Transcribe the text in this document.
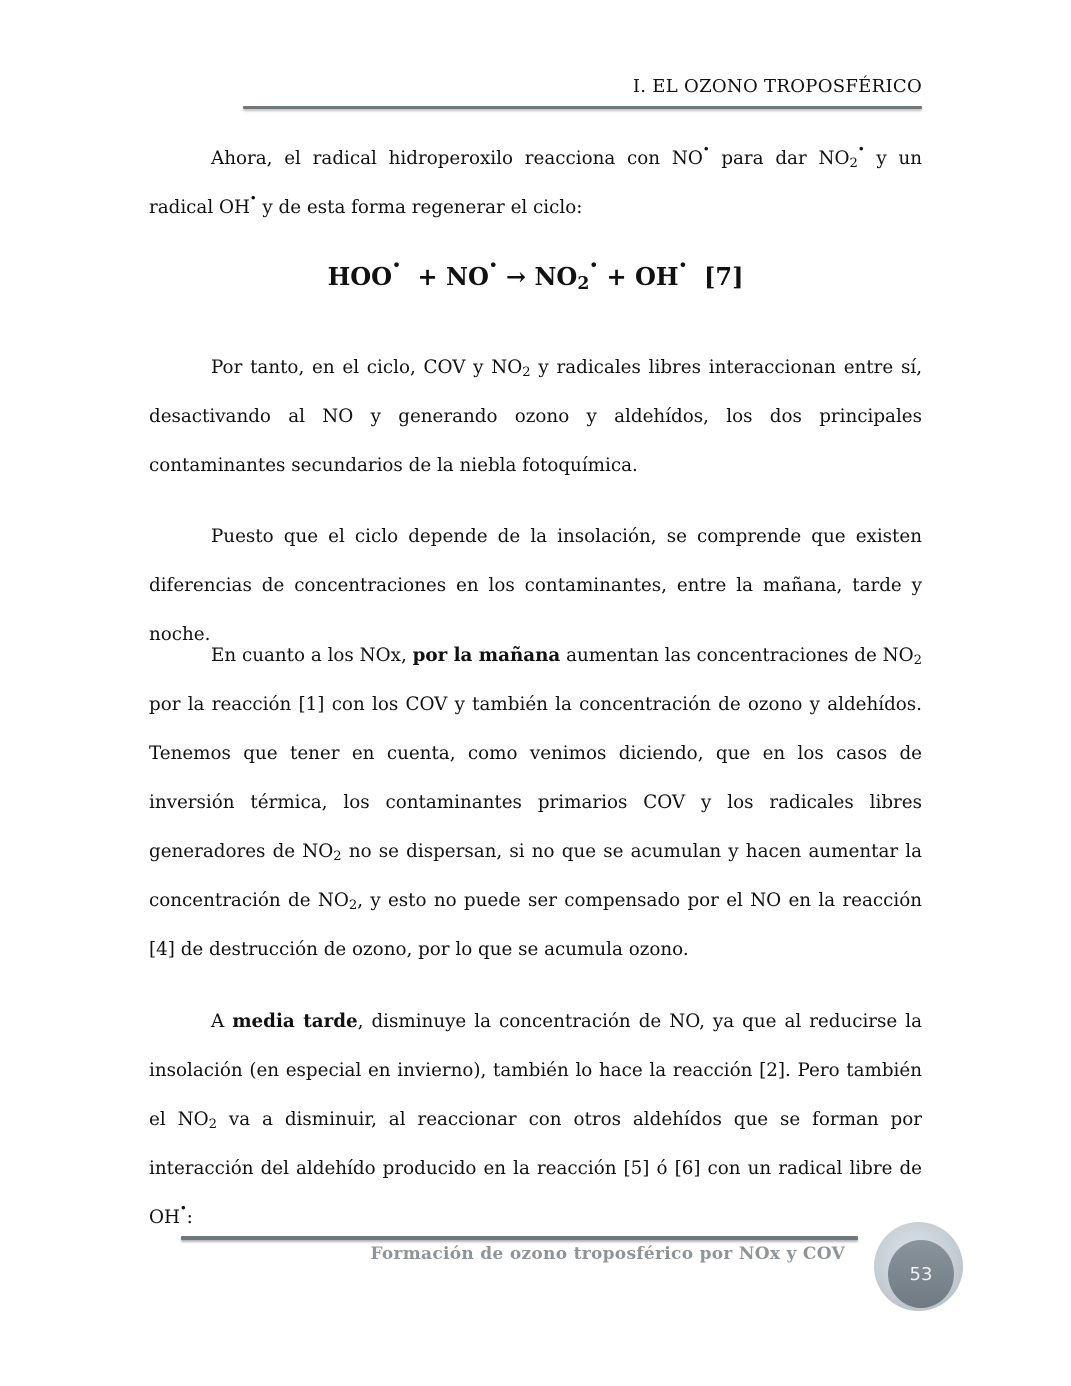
I. EL OZONO TROPOSFÉRICO

Ahora, el radical hidroperoxilo reacciona con NO· para dar $NO_2^\cdot$ y un radical OH· y de esta forma regenerar el ciclo:

$HOO^\cdot + NO^\cdot \to NO_2^\cdot + OH^\cdot$  [7]

Por tanto, en el ciclo, COV y $NO_2$ y radicales libres interaccionan entre sí, desactivando al NO y generando ozono y aldehídos, los dos principales contaminantes secundarios de la niebla fotoquímica.

Puesto que el ciclo depende de la insolación, se comprende que existen diferencias de concentraciones en los contaminantes, entre la mañana, tarde y noche.

En cuanto a los NOx, por la mañana aumentan las concentraciones de $NO_2$ por la reacción [1] con los COV y también la concentración de ozono y aldehídos. Tenemos que tener en cuenta, como venimos diciendo, que en los casos de inversión térmica, los contaminantes primarios COV y los radicales libres generadores de $NO_2$ no se dispersan, si no que se acumulan y hacen aumentar la concentración de $NO_2$, y esto no puede ser compensado por el NO en la reacción [4] de destrucción de ozono, por lo que se acumula ozono.

A media tarde, disminuye la concentración de NO, ya que al reducirse la insolación (en especial en invierno), también lo hace la reacción [2]. Pero también el $NO_2$ va a disminuir, al reaccionar con otros aldehídos que se forman por interacción del aldehído producido en la reacción [5] ó [6] con un radical libre de OH·:

Formación de ozono troposférico por NOx y COV
53
